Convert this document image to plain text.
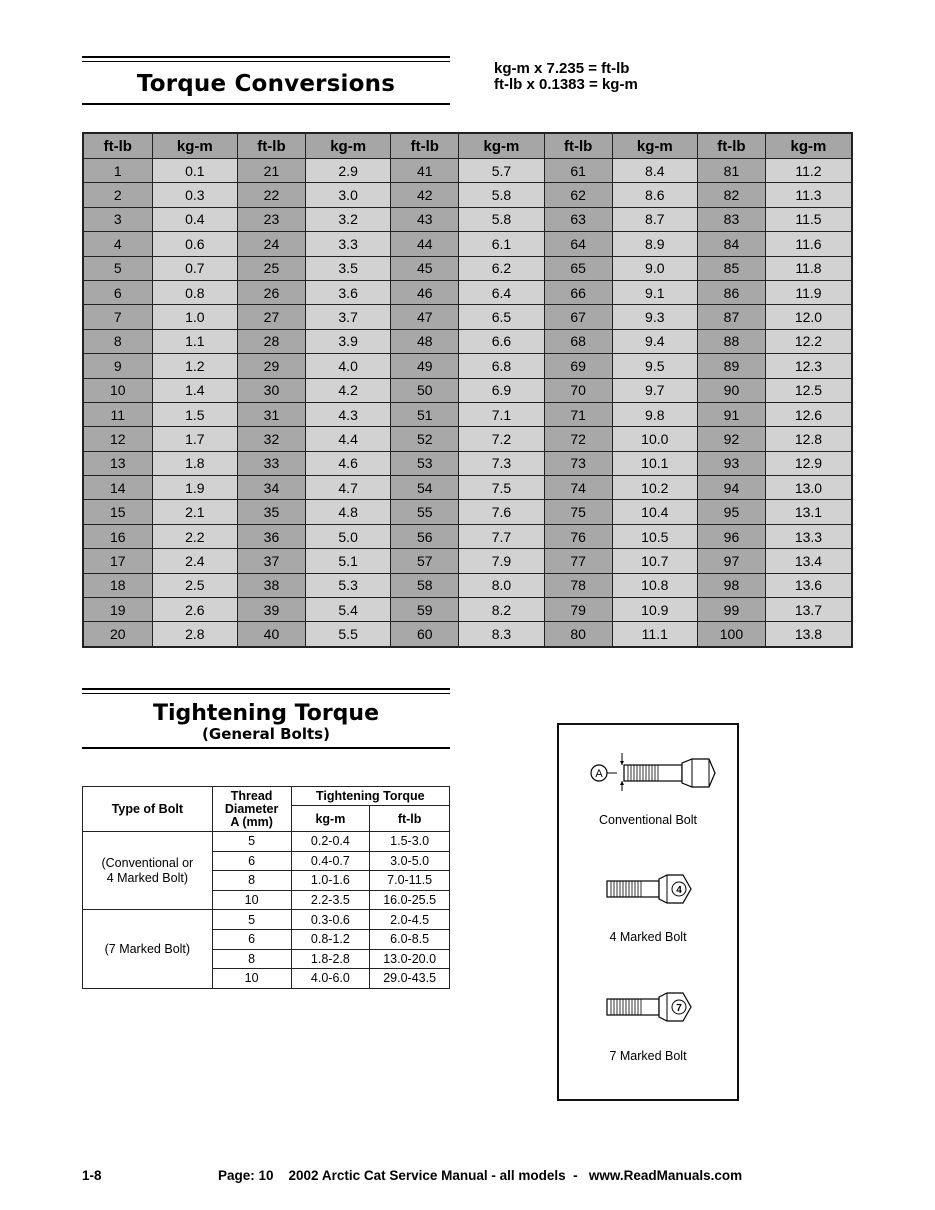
Torque Conversions
kg-m x 7.235 = ft-lb
ft-lb x 0.1383 = kg-m
ft-lb	kg-m	ft-lb	kg-m	ft-lb	kg-m	ft-lb	kg-m	ft-lb	kg-m
1	0.1	21	2.9	41	5.7	61	8.4	81	11.2
2	0.3	22	3.0	42	5.8	62	8.6	82	11.3
3	0.4	23	3.2	43	5.8	63	8.7	83	11.5
4	0.6	24	3.3	44	6.1	64	8.9	84	11.6
5	0.7	25	3.5	45	6.2	65	9.0	85	11.8
6	0.8	26	3.6	46	6.4	66	9.1	86	11.9
7	1.0	27	3.7	47	6.5	67	9.3	87	12.0
8	1.1	28	3.9	48	6.6	68	9.4	88	12.2
9	1.2	29	4.0	49	6.8	69	9.5	89	12.3
10	1.4	30	4.2	50	6.9	70	9.7	90	12.5
11	1.5	31	4.3	51	7.1	71	9.8	91	12.6
12	1.7	32	4.4	52	7.2	72	10.0	92	12.8
13	1.8	33	4.6	53	7.3	73	10.1	93	12.9
14	1.9	34	4.7	54	7.5	74	10.2	94	13.0
15	2.1	35	4.8	55	7.6	75	10.4	95	13.1
16	2.2	36	5.0	56	7.7	76	10.5	96	13.3
17	2.4	37	5.1	57	7.9	77	10.7	97	13.4
18	2.5	38	5.3	58	8.0	78	10.8	98	13.6
19	2.6	39	5.4	59	8.2	79	10.9	99	13.7
20	2.8	40	5.5	60	8.3	80	11.1	100	13.8
Tightening Torque
(General Bolts)
Type of Bolt	Thread
Diameter
A (mm)	Tightening Torque	
		kg-m	ft-lb

(Conventional or
4 Marked Bolt)	5	0.2-0.4	1.5-3.0
	6	0.4-0.7	3.0-5.0
	8	1.0-1.6	7.0-11.5
	10	2.2-3.5	16.0-25.5

(7 Marked Bolt)	5	0.3-0.6	2.0-4.5
	6	0.8-1.2	6.0-8.5
	8	1.8-2.8	13.0-20.0
	10	4.0-6.0	29.0-43.5
A
Conventional Bolt
4
4 Marked Bolt
7
7 Marked Bolt
1-8	Page: 10    2002 Arctic Cat Service Manual - all models  -   www.ReadManuals.com
